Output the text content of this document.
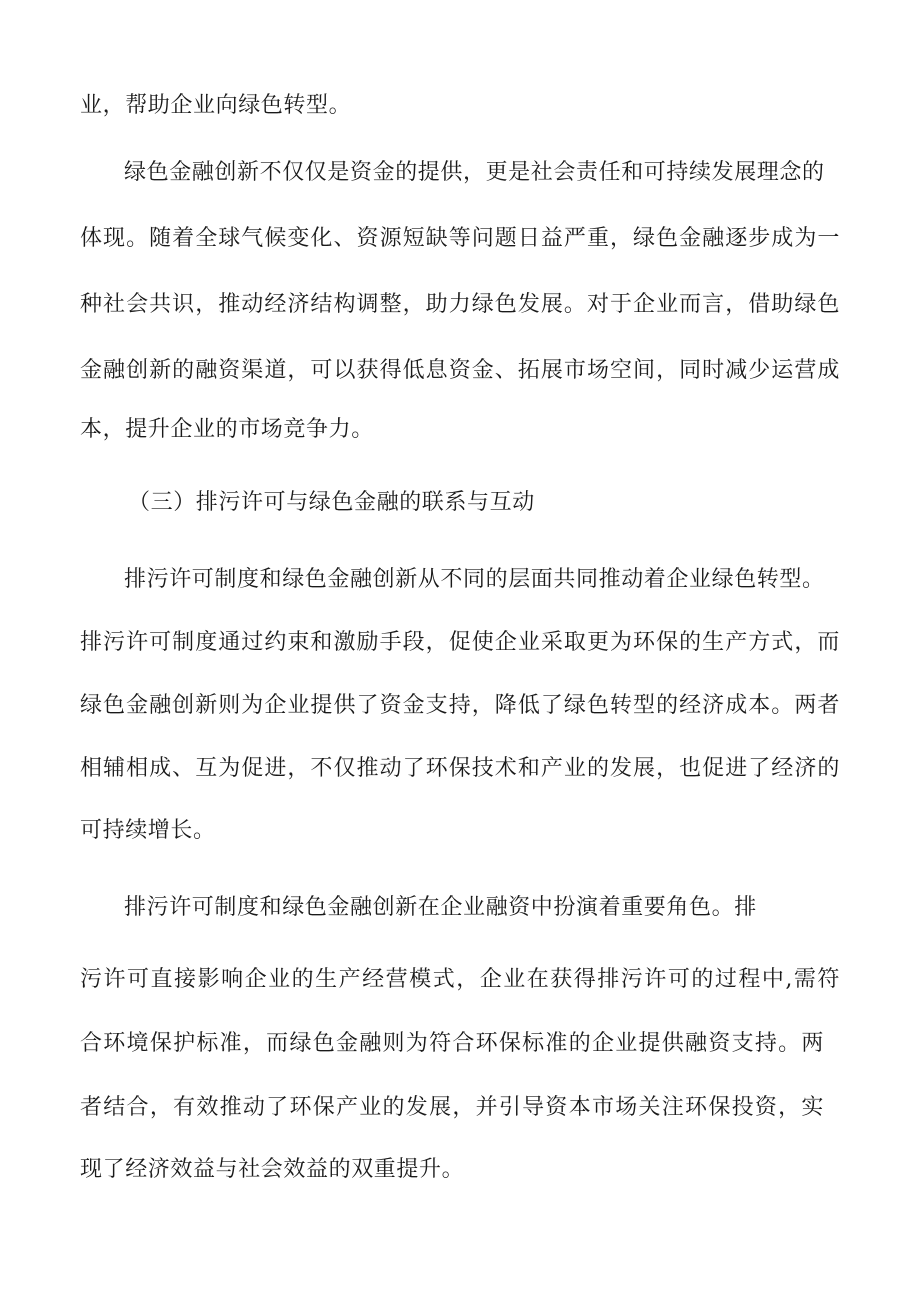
业，帮助企业向绿色转型。
绿色金融创新不仅仅是资金的提供，更是社会责任和可持续发展理念的
体现。随着全球气候变化、资源短缺等问题日益严重，绿色金融逐步成为一
种社会共识，推动经济结构调整，助力绿色发展。对于企业而言，借助绿色
金融创新的融资渠道，可以获得低息资金、拓展市场空间，同时减少运营成
本，提升企业的市场竞争力。
（三）排污许可与绿色金融的联系与互动
排污许可制度和绿色金融创新从不同的层面共同推动着企业绿色转型。
排污许可制度通过约束和激励手段，促使企业采取更为环保的生产方式，而
绿色金融创新则为企业提供了资金支持，降低了绿色转型的经济成本。两者
相辅相成、互为促进，不仅推动了环保技术和产业的发展，也促进了经济的
可持续增长。
排污许可制度和绿色金融创新在企业融资中扮演着重要角色。排
污许可直接影响企业的生产经营模式，企业在获得排污许可的过程中,需符
合环境保护标准，而绿色金融则为符合环保标准的企业提供融资支持。两
者结合，有效推动了环保产业的发展，并引导资本市场关注环保投资，实
现了经济效益与社会效益的双重提升。
